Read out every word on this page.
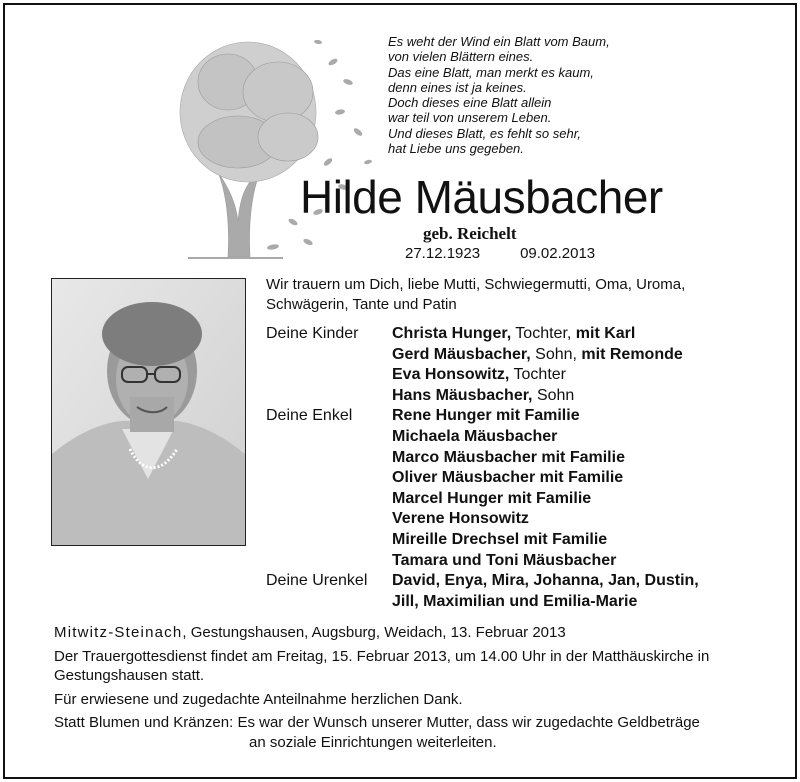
Es weht der Wind ein Blatt vom Baum,
von vielen Blättern eines.
Das eine Blatt, man merkt es kaum,
denn eines ist ja keines.
Doch dieses eine Blatt allein
war teil von unserem Leben.
Und dieses Blatt, es fehlt so sehr,
hat Liebe uns gegeben.
Hilde Mäusbacher
geb. Reichelt
27.12.1923	09.02.2013
Wir trauern um Dich, liebe Mutti, Schwiegermutti, Oma, Uroma, Schwägerin, Tante und Patin
Deine Kinder	Christa Hunger, Tochter, mit Karl
Gerd Mäusbacher, Sohn, mit Remonde
Eva Honsowitz, Tochter
Hans Mäusbacher, Sohn
Deine Enkel	Rene Hunger mit Familie
Michaela Mäusbacher
Marco Mäusbacher mit Familie
Oliver Mäusbacher mit Familie
Marcel Hunger mit Familie
Verene Honsowitz
Mireille Drechsel mit Familie
Tamara und Toni Mäusbacher
Deine Urenkel	David, Enya, Mira, Johanna, Jan, Dustin,
Jill, Maximilian und Emilia-Marie

Mitwitz-Steinach, Gestungshausen, Augsburg, Weidach, 13. Februar 2013

Der Trauergottesdienst findet am Freitag, 15. Februar 2013, um 14.00 Uhr in der Matthäuskirche in Gestungshausen statt.

Für erwiesene und zugedachte Anteilnahme herzlichen Dank.

Statt Blumen und Kränzen: Es war der Wunsch unserer Mutter, dass wir zugedachte Geldbeträge
an soziale Einrichtungen weiterleiten.
